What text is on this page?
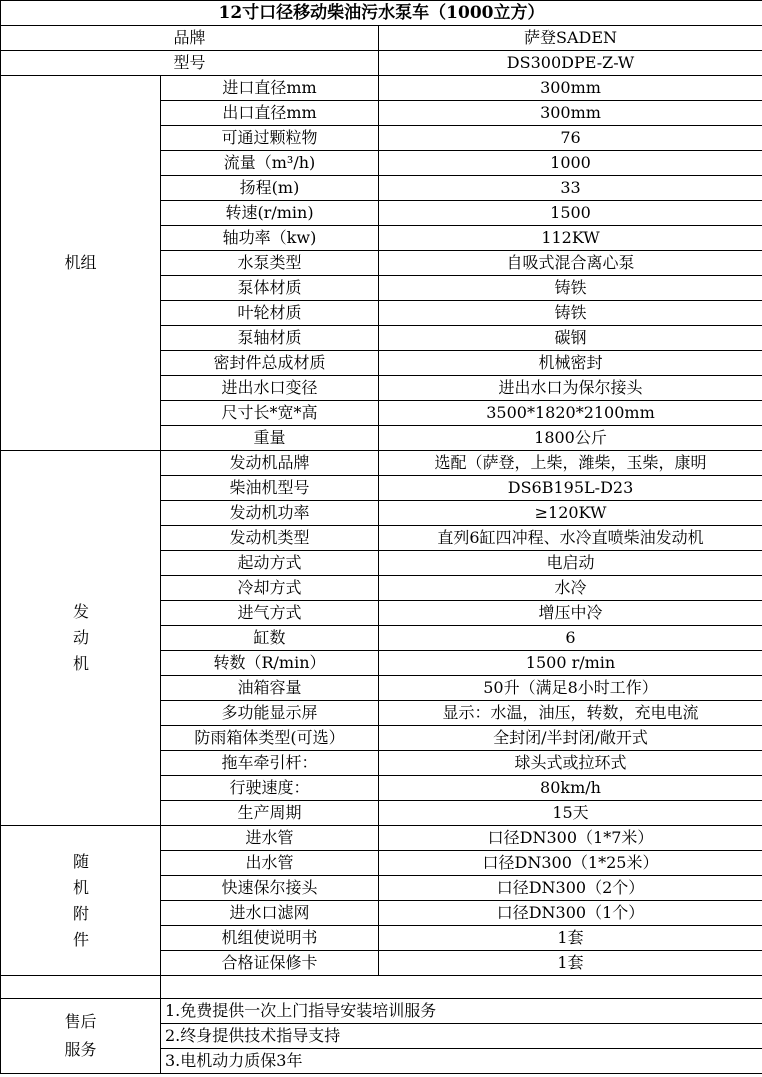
12寸口径移动柴油污水泵车（1000立方）		
品牌		萨登SADEN
型号		DS300DPE-Z-W
机组	进口直径mm	300mm
	出口直径mm	300mm
	可通过颗粒物	76
	流量（m³/h)	1000
	扬程(m)	33
	转速(r/min)	1500
	轴功率（kw)	112KW
	水泵类型	自吸式混合离心泵
	泵体材质	铸铁
	叶轮材质	铸铁
	泵轴材质	碳钢
	密封件总成材质	机械密封
	进出水口变径	进出水口为保尔接头
	尺寸长*宽*高	3500*1820*2100mm
	重量	1800公斤
发动机	发动机品牌	选配（萨登，上柴，潍柴，玉柴，康明
	柴油机型号	DS6B195L-D23
	发动机功率	≥120KW
	发动机类型	直列6缸四冲程、水冷直喷柴油发动机
	起动方式	电启动
	冷却方式	水冷
	进气方式	增压中冷
	缸数	6
	转数（R/min）	1500 r/min
	油箱容量	50升（满足8小时工作）
	多功能显示屏	显示：水温，油压，转数，充电电流
	防雨箱体类型(可选）	全封闭/半封闭/敞开式
	拖车牵引杆：	球头式或拉环式
	行驶速度：	80km/h
	生产周期	15天
随机附件	进水管	口径DN300（1*7米）
	出水管	口径DN300（1*25米）
	快速保尔接头	口径DN300（2个）
	进水口滤网	口径DN300（1个）
	机组使说明书	1套
	合格证保修卡	1套

售后
服务	1.免费提供一次上门指导安装培训服务	
	2.终身提供技术指导支持	
	3.电机动力质保3年	
